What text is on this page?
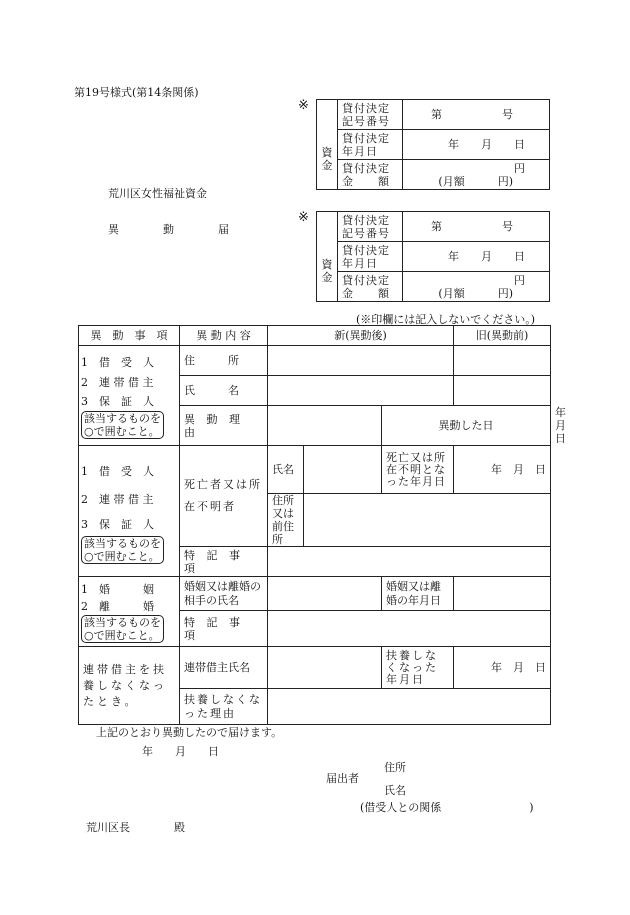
第19号様式(第14条関係)
荒川区女性福祉資金
異	動	届
※
資
金	貸付決定記号番号	第 号
	貸付決定年月日	年　　月　　日
	貸付決定金　　額	円
(月額　　　円)
※
資
金	貸付決定記号番号	第 号
	貸付決定年月日	年　　月　　日
	貸付決定金　　額	円
(月額　　　円)
(※印欄には記入しないでください。)
異　動　事　項	異 動 内 容	新(異動後)			旧(異動前)	

1　借　受　人
2　連 帯 借 主
3　保　証　人
該当するものを
○で囲むこと。	住　　　所					
	氏　　　名					
	異 動 理 由			異動した日		年　月　日

1　借　受　人
2　連 帯 借 主
3　保　証　人
該当するものを
○で囲むこと。	死亡者又は所在不明者	氏名		死亡又は所在不明となった年月日	年　月　日	
		住所又は前住所				
	特 記 事 項					

1　婚　　　姻
2　離　　　婚
該当するものを
○で囲むこと。	婚姻又は離婚の相手の氏名			婚姻又は離婚の年月日		
	特 記 事 項					
連帯借主を扶養しなくなったとき。	連帯借主氏名			扶養しなくなった年月日	年　月　日	
	扶養しなくなった理由					
上記のとおり異動したので届けます。
年　　月　　日
住所
届出者
氏名
(借受人との関係　　　　　　　　)
荒川区長　　　　殿
